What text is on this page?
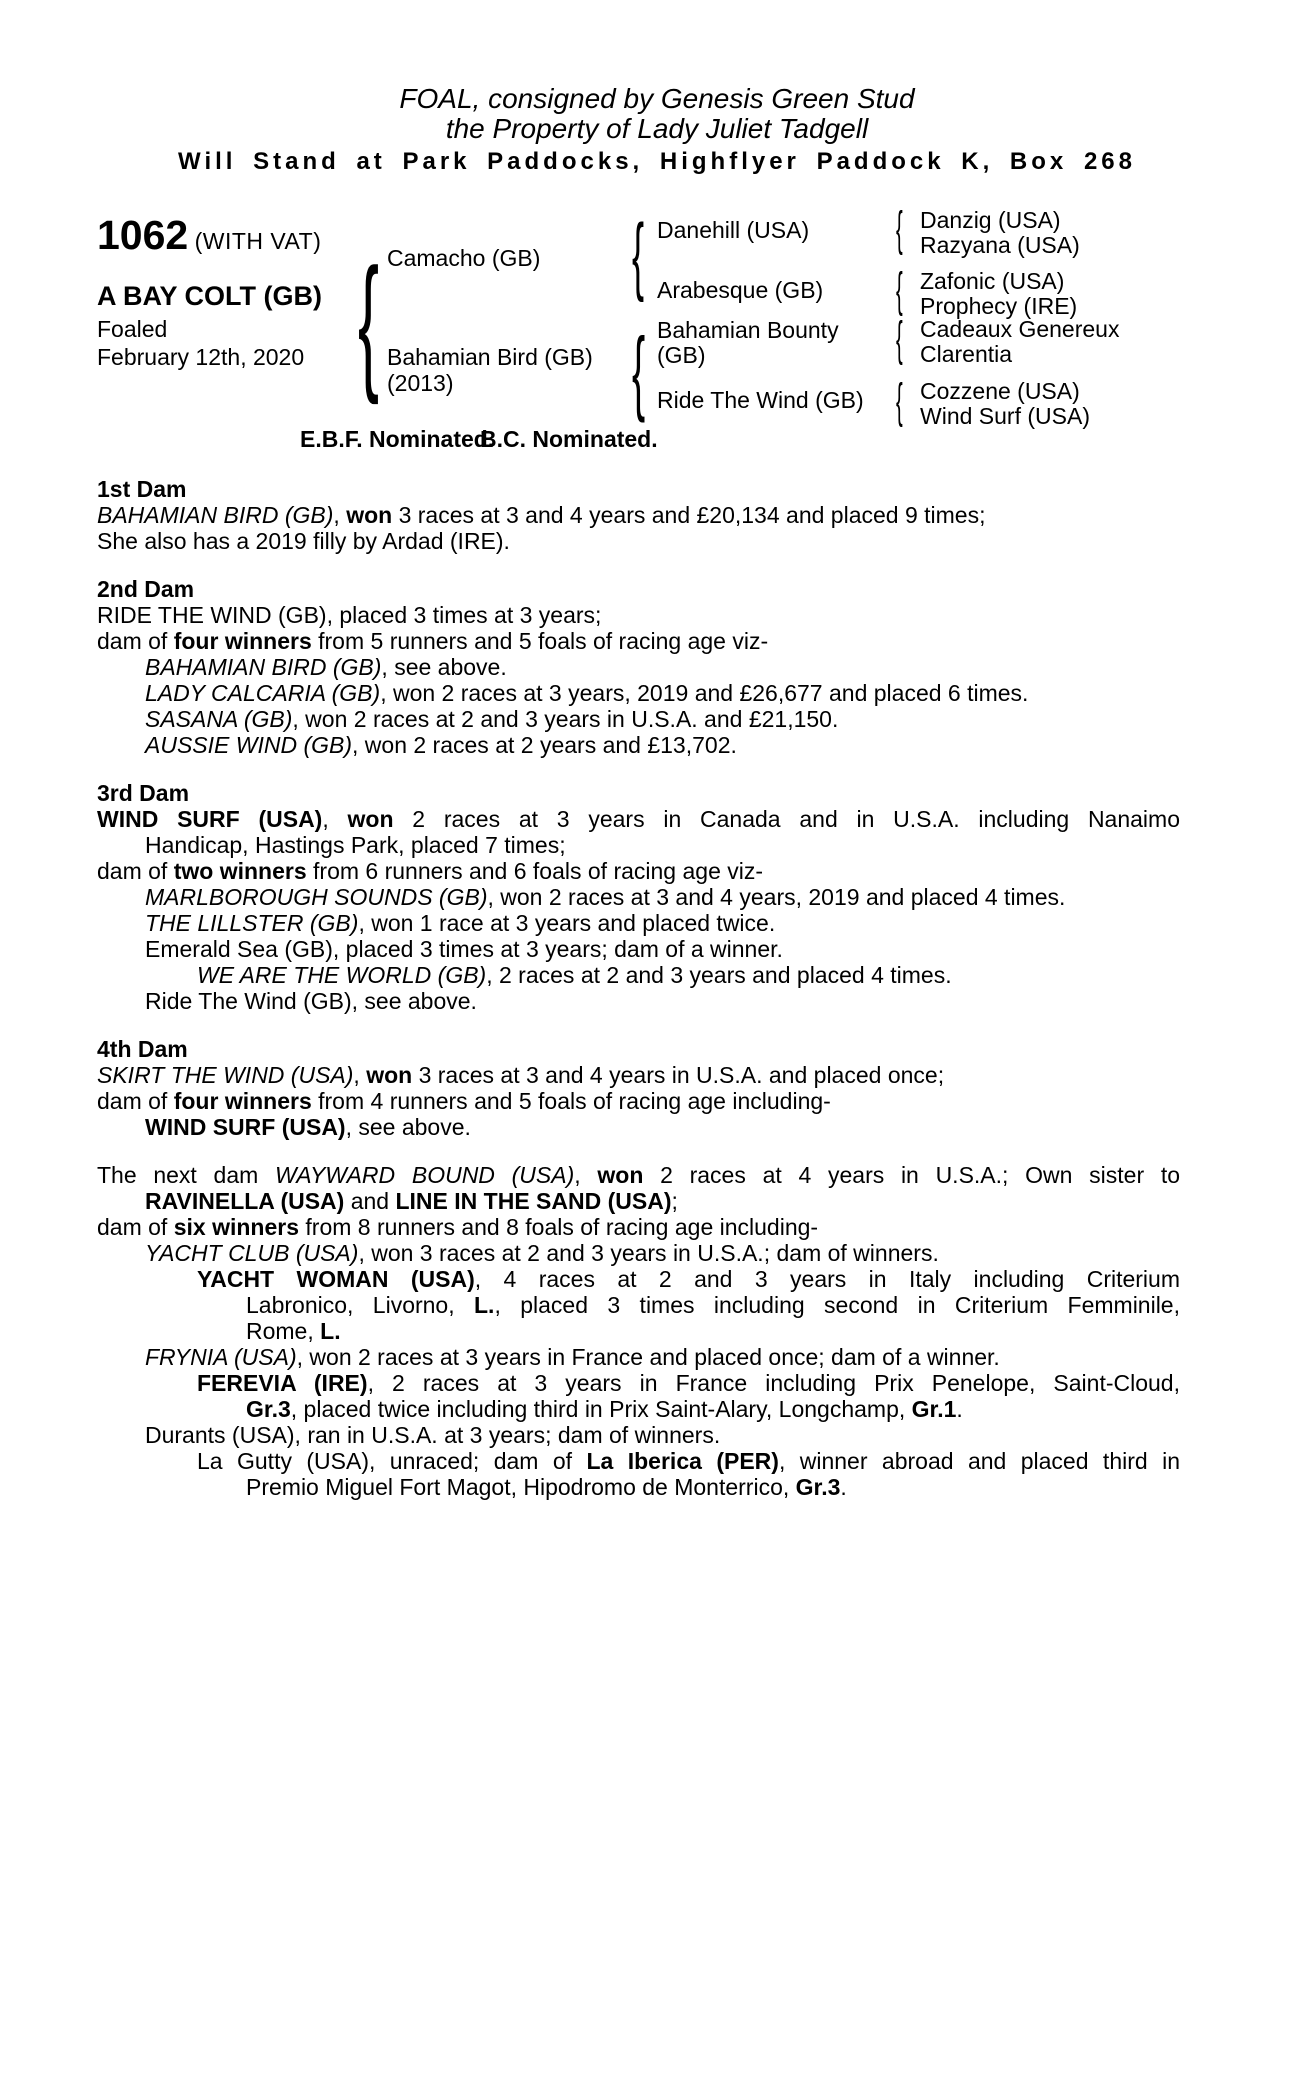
FOAL, consigned by Genesis Green Stud
the Property of Lady Juliet Tadgell
Will Stand at Park Paddocks, Highflyer Paddock K, Box 268
1062 (WITH VAT)
A BAY COLT (GB)
Foaled
February 12th, 2020
{
{
{
{
{
{
{
Camacho (GB)
Bahamian Bird (GB)
(2013)
Danehill (USA)
Arabesque (GB)
Bahamian Bounty (GB)
Ride The Wind (GB)
Danzig (USA)
Razyana (USA)
Zafonic (USA)
Prophecy (IRE)
Cadeaux Genereux
Clarentia
Cozzene (USA)
Wind Surf (USA)
E.B.F. Nominated.
B.C. Nominated.
1st Dam
BAHAMIAN BIRD (GB), won 3 races at 3 and 4 years and £20,134 and placed 9 times;
She also has a 2019 filly by Ardad (IRE).
2nd Dam
RIDE THE WIND (GB), placed 3 times at 3 years;
dam of four winners from 5 runners and 5 foals of racing age viz-
BAHAMIAN BIRD (GB), see above.
LADY CALCARIA (GB), won 2 races at 3 years, 2019 and £26,677 and placed 6 times.
SASANA (GB), won 2 races at 2 and 3 years in U.S.A. and £21,150.
AUSSIE WIND (GB), won 2 races at 2 years and £13,702.
3rd Dam
WIND SURF (USA), won 2 races at 3 years in Canada and in U.S.A. including Nanaimo
Handicap, Hastings Park, placed 7 times;
dam of two winners from 6 runners and 6 foals of racing age viz-
MARLBOROUGH SOUNDS (GB), won 2 races at 3 and 4 years, 2019 and placed 4 times.
THE LILLSTER (GB), won 1 race at 3 years and placed twice.
Emerald Sea (GB), placed 3 times at 3 years; dam of a winner.
WE ARE THE WORLD (GB), 2 races at 2 and 3 years and placed 4 times.
Ride The Wind (GB), see above.
4th Dam
SKIRT THE WIND (USA), won 3 races at 3 and 4 years in U.S.A. and placed once;
dam of four winners from 4 runners and 5 foals of racing age including-
WIND SURF (USA), see above.
The next dam WAYWARD BOUND (USA), won 2 races at 4 years in U.S.A.; Own sister to
RAVINELLA (USA) and LINE IN THE SAND (USA);
dam of six winners from 8 runners and 8 foals of racing age including-
YACHT CLUB (USA), won 3 races at 2 and 3 years in U.S.A.; dam of winners.
YACHT WOMAN (USA), 4 races at 2 and 3 years in Italy including Criterium
Labronico, Livorno, L., placed 3 times including second in Criterium Femminile,
Rome, L.
FRYNIA (USA), won 2 races at 3 years in France and placed once; dam of a winner.
FEREVIA (IRE), 2 races at 3 years in France including Prix Penelope, Saint-Cloud,
Gr.3, placed twice including third in Prix Saint-Alary, Longchamp, Gr.1.
Durants (USA), ran in U.S.A. at 3 years; dam of winners.
La Gutty (USA), unraced; dam of La Iberica (PER), winner abroad and placed third in
Premio Miguel Fort Magot, Hipodromo de Monterrico, Gr.3.
